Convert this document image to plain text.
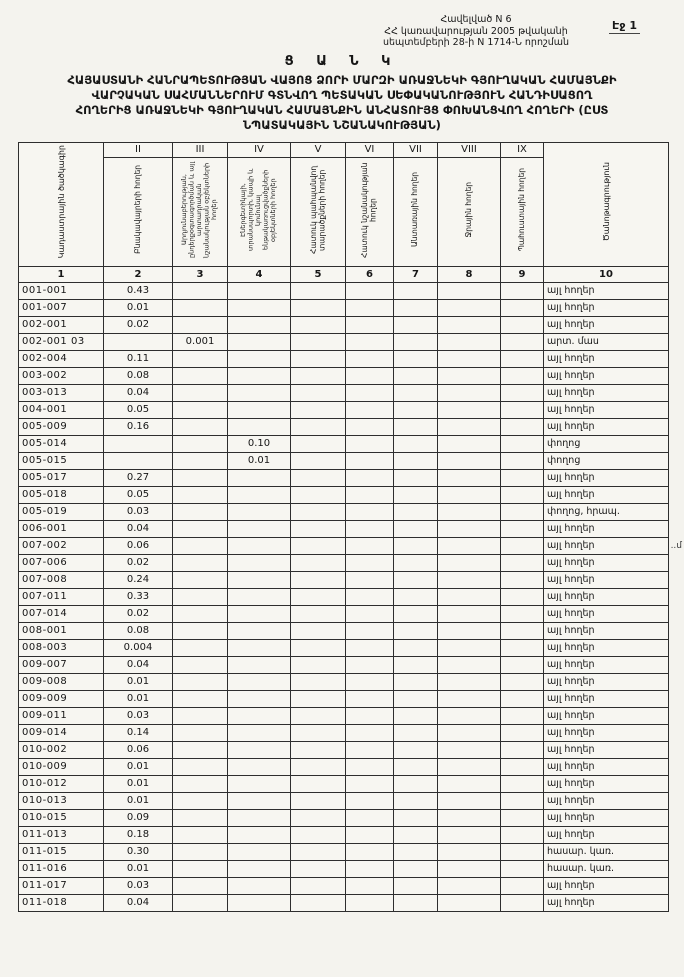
Էջ 1
Հավելված N 6
ՀՀ կառավարության 2005 թվականի
սեպտեմբերի 28-ի N 1714-Ն որոշման
Ց Ա Ն Կ
ՀԱՅԱՍՏԱՆԻ ՀԱՆՐԱՊԵՏՈՒԹՅԱՆ ՎԱՅՈՑ ՁՈՐԻ ՄԱՐԶԻ ԱՌԱՋՆԵԿԻ ԳՅՈՒՂԱԿԱՆ ՀԱՄԱՅՆՔԻ
ՎԱՐՉԱԿԱՆ ՍԱՀՄԱՆՆԵՐՈՒՄ ԳՏՆՎՈՂ ՊԵՏԱԿԱՆ ՍԵՓԱԿԱՆՈՒԹՅՈՒՆ ՀԱՆԴԻՍԱՑՈՂ
ՀՈՂԵՐԻՑ ԱՌԱՋՆԵԿԻ ԳՅՈՒՂԱԿԱՆ ՀԱՄԱՅՆՔԻՆ ԱՆՀԱՏՈՒՅՑ ՓՈԽԱՆՑՎՈՂ ՀՈՂԵՐԻ (ԸՍՏ
ՆՊԱՏԱԿԱՅԻՆ ՆՇԱՆԱԿՈՒԹՅԱՆ)
Կադաստրային ծածկագիր	II	III	IV	V	VI	VII	VIII	IX	Ծանոթագրություն
	Բնակավայրերի հողեր	Արդյունաբերության, ընդերքօգտագործման և այլ արտադրական նշանակության օբյեկտների հողեր	Էներգետիկայի, տրանսպորտի, կապի և կոմունալ ենթակառուցվածքների օբյեկտների հողեր	Հատուկ պահպանվող տարածքների հողեր	Հատուկ նշանակության հողեր	Անտառային հողեր	Ջրային հողեր	Պահուստային հողեր	
1	2	3	4	5	6	7	8	9	10
001-001	0.43								այլ հողեր
001-007	0.01								այլ հողեր
002-001	0.02								այլ հողեր
002-001 03		0.001							արտ. մաս
002-004	0.11								այլ հողեր
003-002	0.08								այլ հողեր
003-013	0.04								այլ հողեր
004-001	0.05								այլ հողեր
005-009	0.16								այլ հողեր
005-014			0.10						փողոց
005-015			0.01						փողոց
005-017	0.27								այլ հողեր
005-018	0.05								այլ հողեր
005-019	0.03								փողոց, հրապ.
006-001	0.04								այլ հողեր
007-002	0.06								այլ հողեր
007-006	0.02								այլ հողեր
007-008	0.24								այլ հողեր
007-011	0.33								այլ հողեր
007-014	0.02								այլ հողեր
008-001	0.08								այլ հողեր
008-003	0.004								այլ հողեր
009-007	0.04								այլ հողեր
009-008	0.01								այլ հողեր
009-009	0.01								այլ հողեր
009-011	0.03								այլ հողեր
009-014	0.14								այլ հողեր
010-002	0.06								այլ հողեր
010-009	0.01								այլ հողեր
010-012	0.01								այլ հողեր
010-013	0.01								այլ հողեր
010-015	0.09								այլ հողեր
011-013	0.18								այլ հողեր
011-015	0.30								հասար. կառ.
011-016	0.01								հասար. կառ.
011-017	0.03								այլ հողեր
011-018	0.04								այլ հողեր
..մ
